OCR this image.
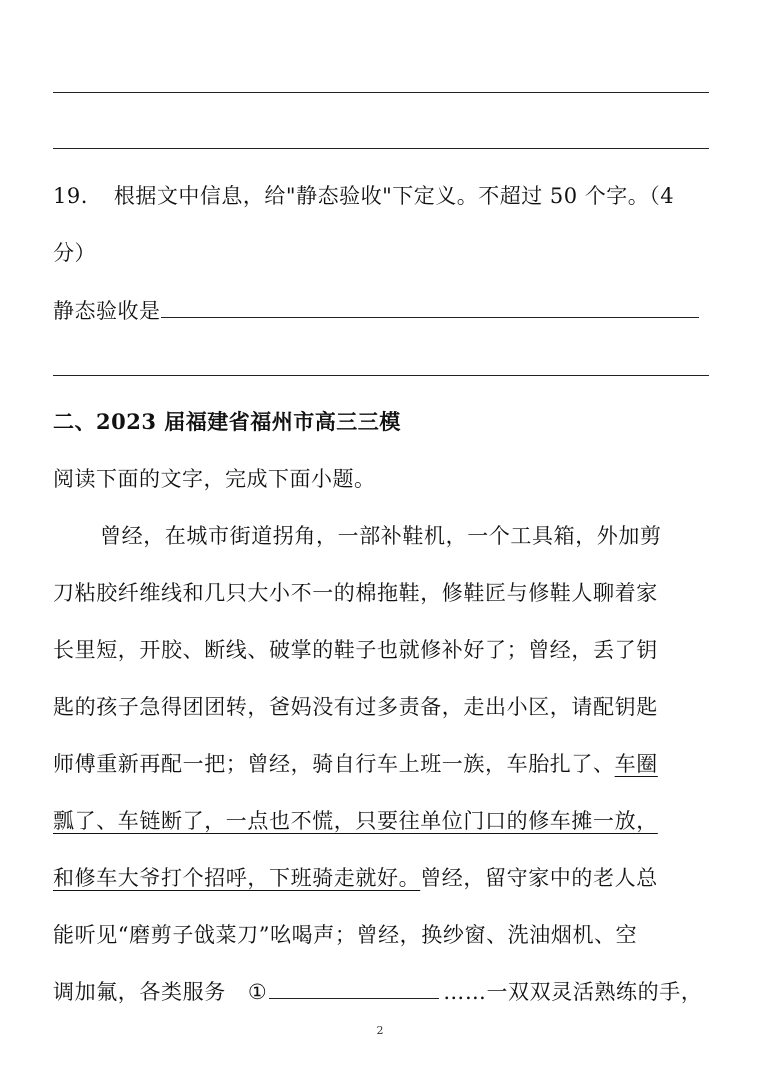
19. 根据文中信息，给"静态验收"下定义。不超过 50 个字。（4
分）
静态验收是
二、2023 届福建省福州市高三三模
阅读下面的文字，完成下面小题。
曾经，在城市街道拐角，一部补鞋机，一个工具箱，外加剪
刀粘胶纤维线和几只大小不一的棉拖鞋，修鞋匠与修鞋人聊着家
长里短，开胶、断线、破掌的鞋子也就修补好了；曾经，丢了钥
匙的孩子急得团团转，爸妈没有过多责备，走出小区，请配钥匙
师傅重新再配一把；曾经，骑自行车上班一族，车胎扎了、车圈
瓢了、车链断了，一点也不慌，只要往单位门口的修车摊一放，
和修车大爷打个招呼，下班骑走就好。曾经，留守家中的老人总
能听见“磨剪子戗菜刀”吆喝声；曾经，换纱窗、洗油烟机、空
调加氟，各类服务 ①	……一双双灵活熟练的手，
2
